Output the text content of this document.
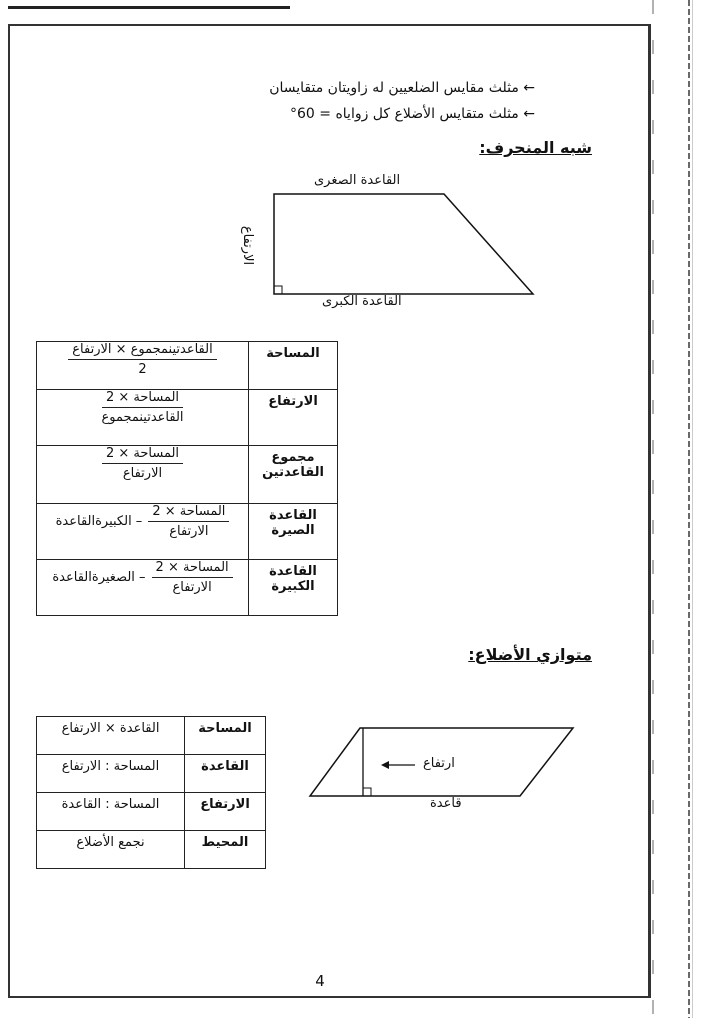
← مثلث مقايس الضلعيين له زاويتان متقايسان
← مثلث متقايس الأضلاع كل زواياه = 60°
شبه المنحرف:
القاعدة الصغرى
القاعدة الكبرى
الارتفاع
المساحة	$\frac{\text{القاعدتينمجموع × الارتفاع}}{2}$

الارتفاع	$\frac{\text{المساحة × 2}}{\text{القاعدتينمجموع}}$

مجموع القاعدتين	$\frac{\text{المساحة × 2}}{\text{الارتفاع}}$

القاعدة الصيرة	$\frac{\text{المساحة × 2}}{\text{الارتفاع}}$
– الكبيرةالقاعدة

القاعدة الكبيرة	$\frac{\text{المساحة × 2}}{\text{الارتفاع}}$
– الصغيرةالقاعدة
متوازي الأضلاع:
المساحة	القاعدة × الارتفاع
القاعدة	المساحة : الارتفاع
الارتفاع	المساحة : القاعدة
المحيط	نجمع الأضلاع
ارتفاع
قاعدة
4
